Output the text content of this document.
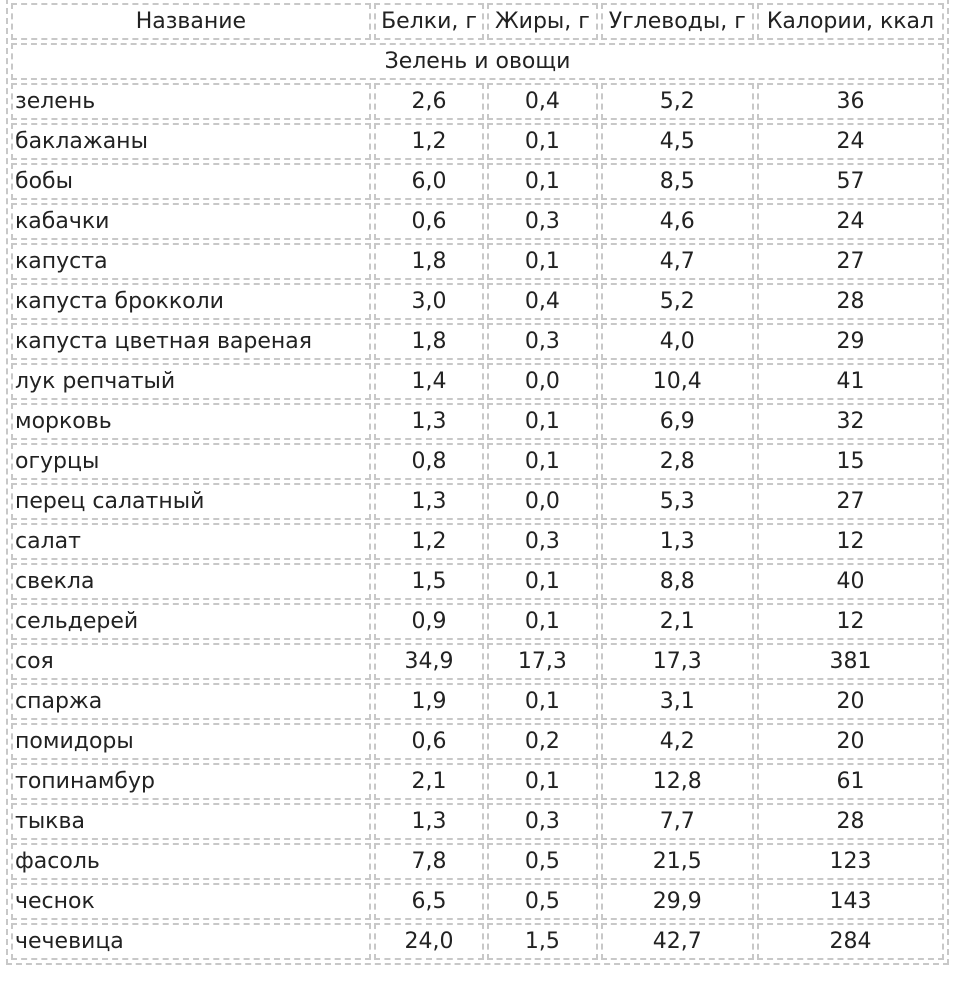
Название	Белки, г	Жиры, г	Углеводы, г	Калории, ккал
Зелень и овощи				
зелень	2,6	0,4	5,2	36
баклажаны	1,2	0,1	4,5	24
бобы	6,0	0,1	8,5	57
кабачки	0,6	0,3	4,6	24
капуста	1,8	0,1	4,7	27
капуста брокколи	3,0	0,4	5,2	28
капуста цветная вареная	1,8	0,3	4,0	29
лук репчатый	1,4	0,0	10,4	41
морковь	1,3	0,1	6,9	32
огурцы	0,8	0,1	2,8	15
перец салатный	1,3	0,0	5,3	27
салат	1,2	0,3	1,3	12
свекла	1,5	0,1	8,8	40
сельдерей	0,9	0,1	2,1	12
соя	34,9	17,3	17,3	381
спаржа	1,9	0,1	3,1	20
помидоры	0,6	0,2	4,2	20
топинамбур	2,1	0,1	12,8	61
тыква	1,3	0,3	7,7	28
фасоль	7,8	0,5	21,5	123
чеснок	6,5	0,5	29,9	143
чечевица	24,0	1,5	42,7	284
